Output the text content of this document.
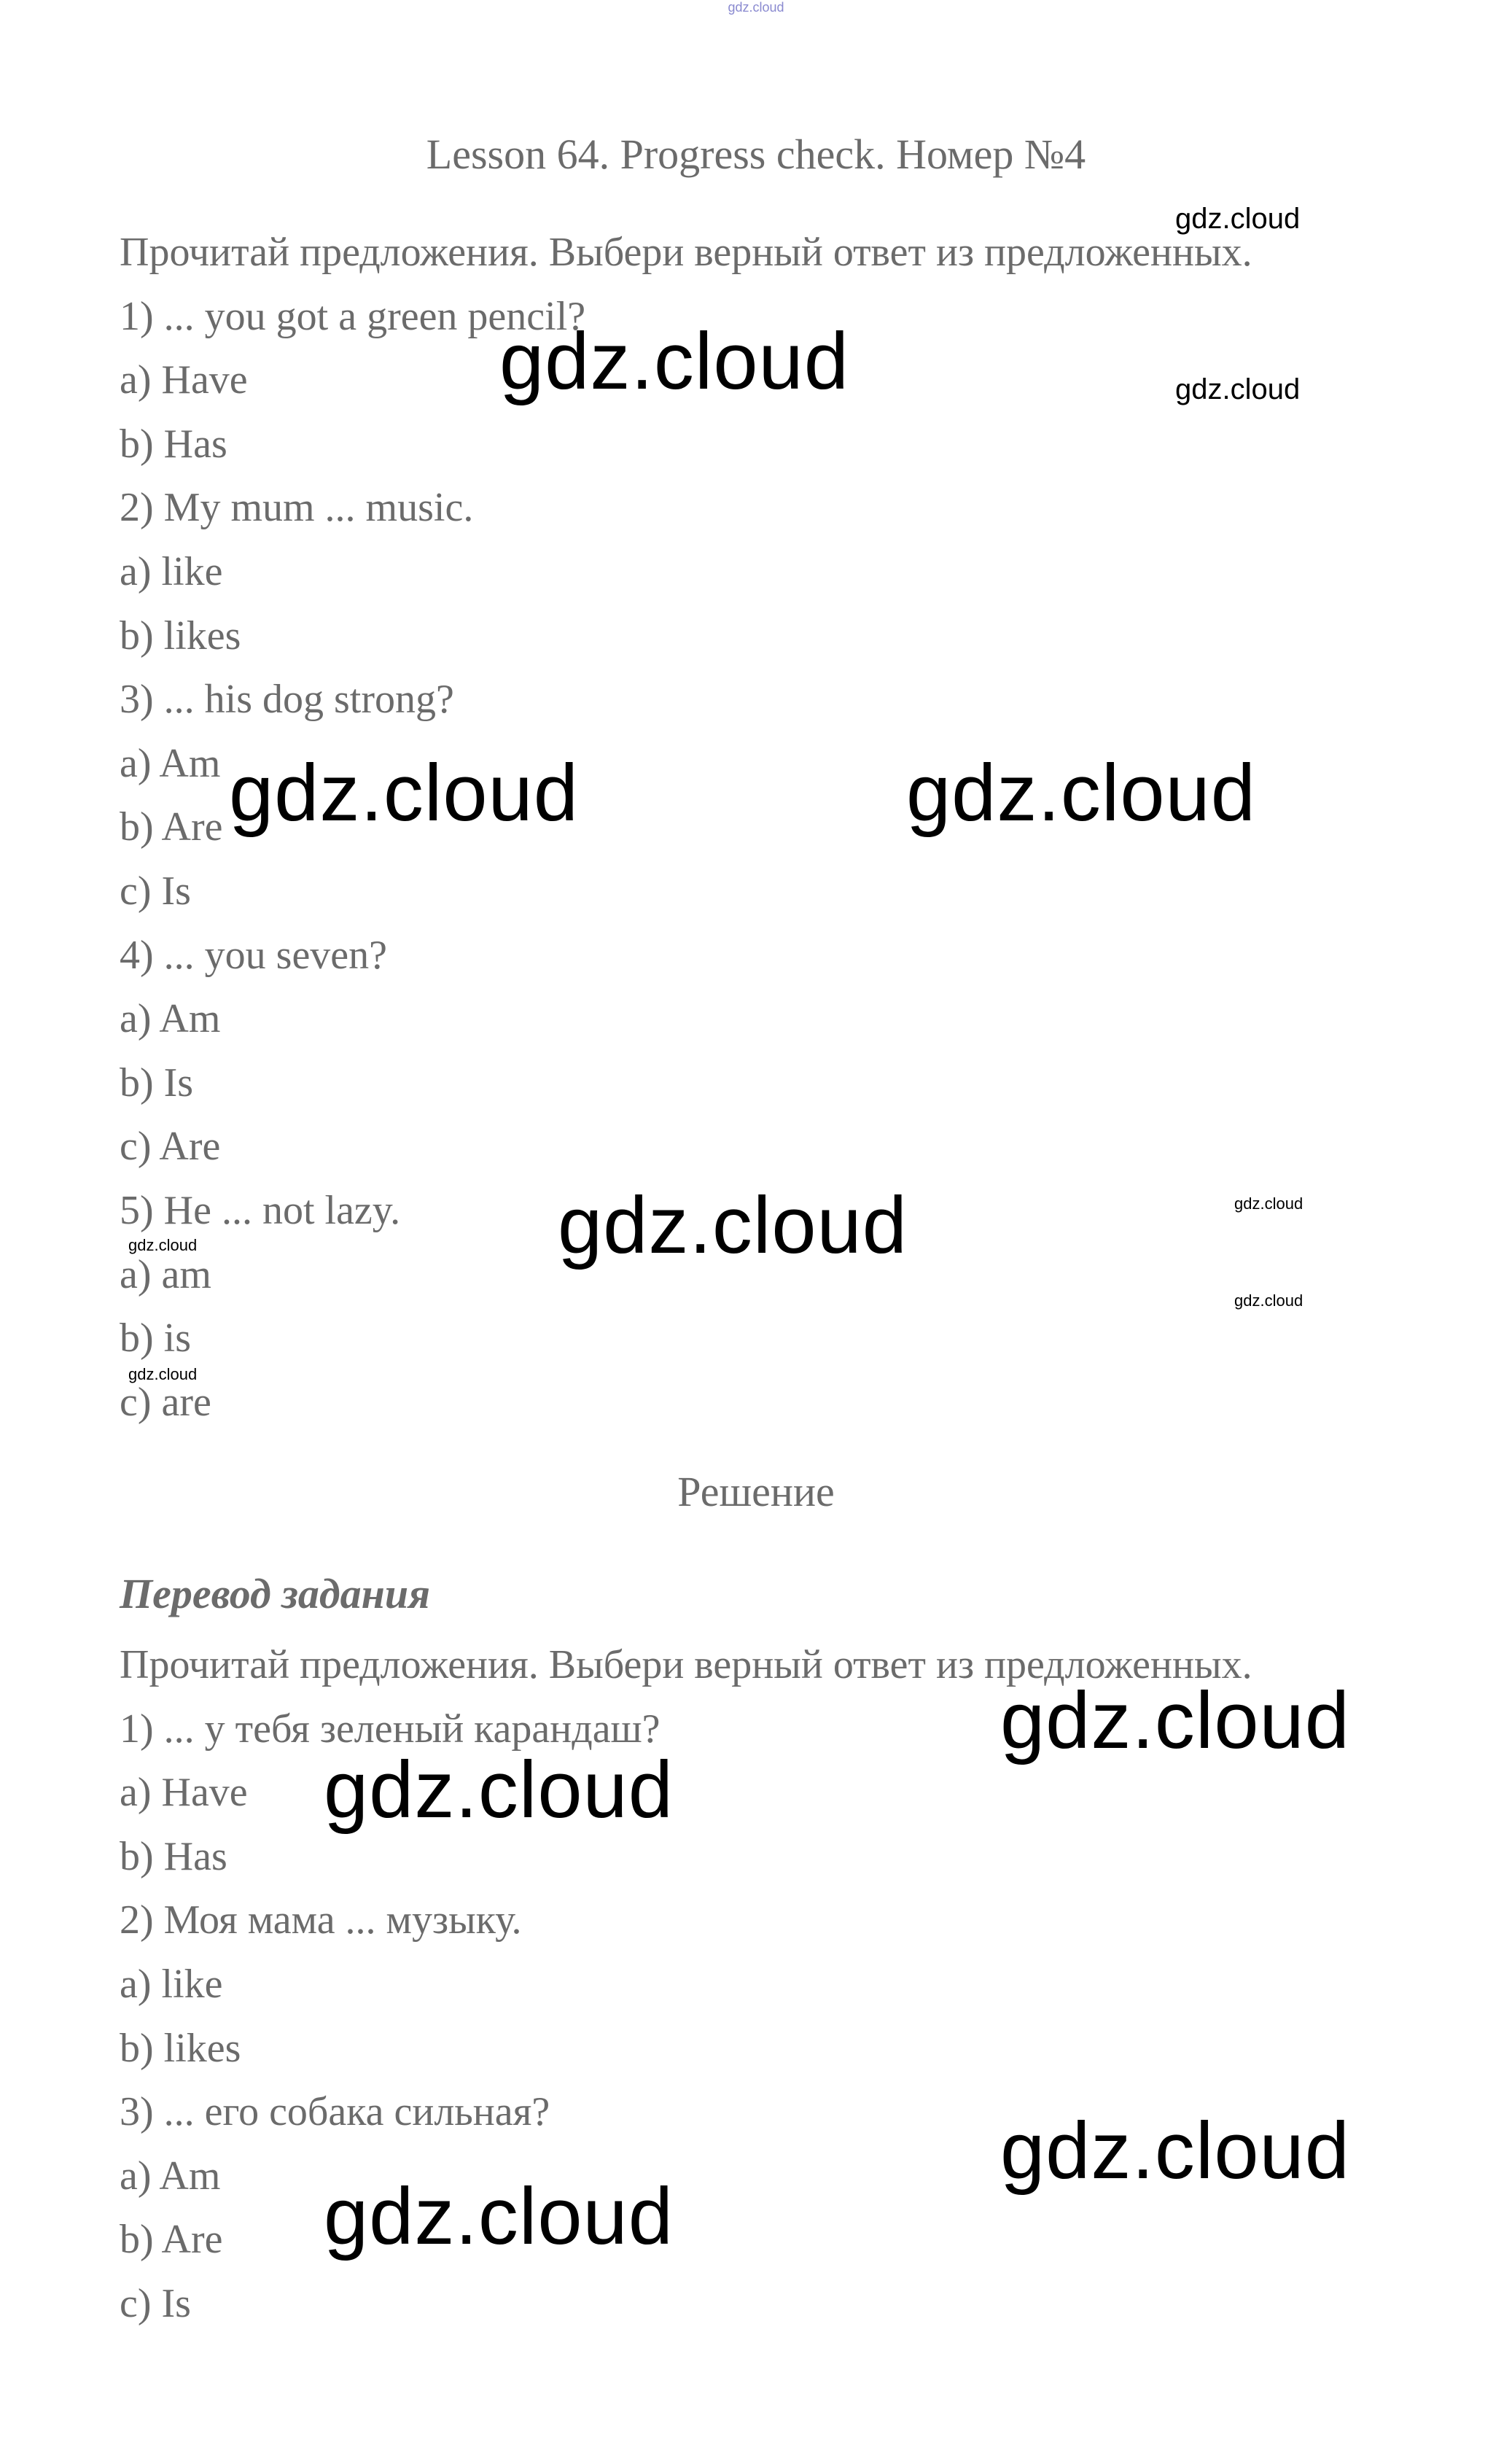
gdz.cloud
Lesson 64. Progress check. Номер №4
Прочитай предложения. Выбери верный ответ из предложенных.
1) ... you got a green pencil?
a) Have
b) Has
2) My mum ... music.
a) like
b) likes
3) ... his dog strong?
a) Am
b) Are
c) Is
4) ... you seven?
a) Am
b) Is
c) Are
5) He ... not lazy.
a) am
b) is
c) are
Решение
Перевод задания
Прочитай предложения. Выбери верный ответ из предложенных.
1) ... у тебя зеленый карандаш?
a) Have
b) Has
2) Моя мама ... музыку.
a) like
b) likes
3) ... его собака сильная?
a) Am
b) Are
c) Is
gdz.cloud
gdz.cloud	gdz.cloud
gdz.cloud	gdz.cloud
gdz.cloud	gdz.cloud
gdz.cloud
gdz.cloud
gdz.cloud
gdz.cloud
gdz.cloud
gdz.cloud
gdz.cloud
